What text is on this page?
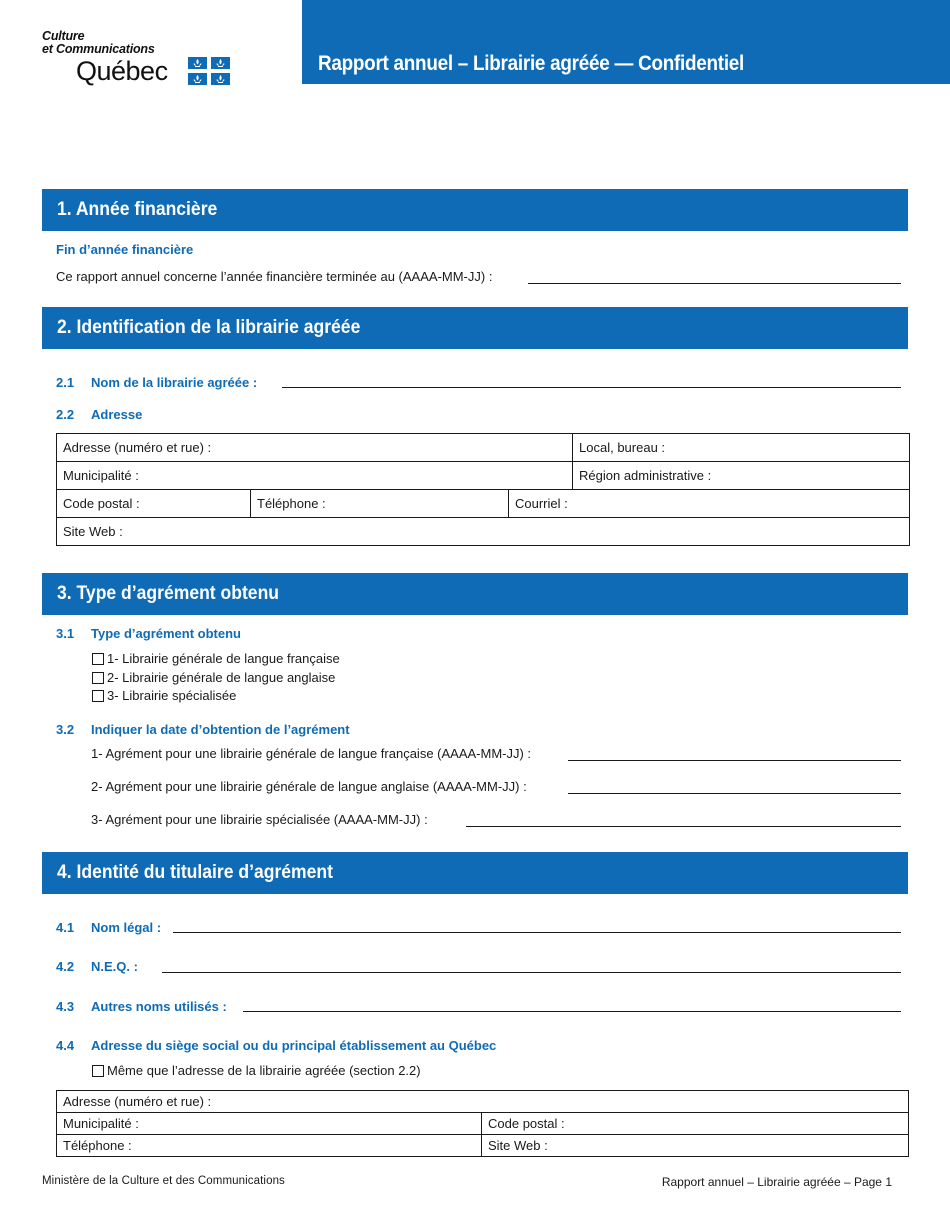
Culture
et Communications
Québec	Rapport annuel – Librairie agréée — Confidentiel
1. Année financière
Fin d’année financière
Ce rapport annuel concerne l’année financière terminée au (AAAA-MM-JJ) :
2. Identification de la librairie agréée
2.1 Nom de la librairie agréée :
2.2 Adresse
Adresse (numéro et rue) :			Local, bureau :
Municipalité :			Région administrative :
Code postal :	Téléphone :	Courriel :	
Site Web :			
3. Type d’agrément obtenu
3.1 Type d’agrément obtenu
1- Librairie générale de langue française
2- Librairie générale de langue anglaise
3- Librairie spécialisée
3.2 Indiquer la date d’obtention de l’agrément
1- Agrément pour une librairie générale de langue française (AAAA-MM-JJ) :
2- Agrément pour une librairie générale de langue anglaise (AAAA-MM-JJ) :
3- Agrément pour une librairie spécialisée (AAAA-MM-JJ) :
4. Identité du titulaire d’agrément
4.1 Nom légal :
4.2 N.E.Q. :
4.3 Autres noms utilisés :
4.4 Adresse du siège social ou du principal établissement au Québec
Même que l’adresse de la librairie agréée (section 2.2)
Adresse (numéro et rue) :	
Municipalité :	Code postal :
Téléphone :	Site Web :
Ministère de la Culture et des Communications	Rapport annuel – Librairie agréée – Page 1
